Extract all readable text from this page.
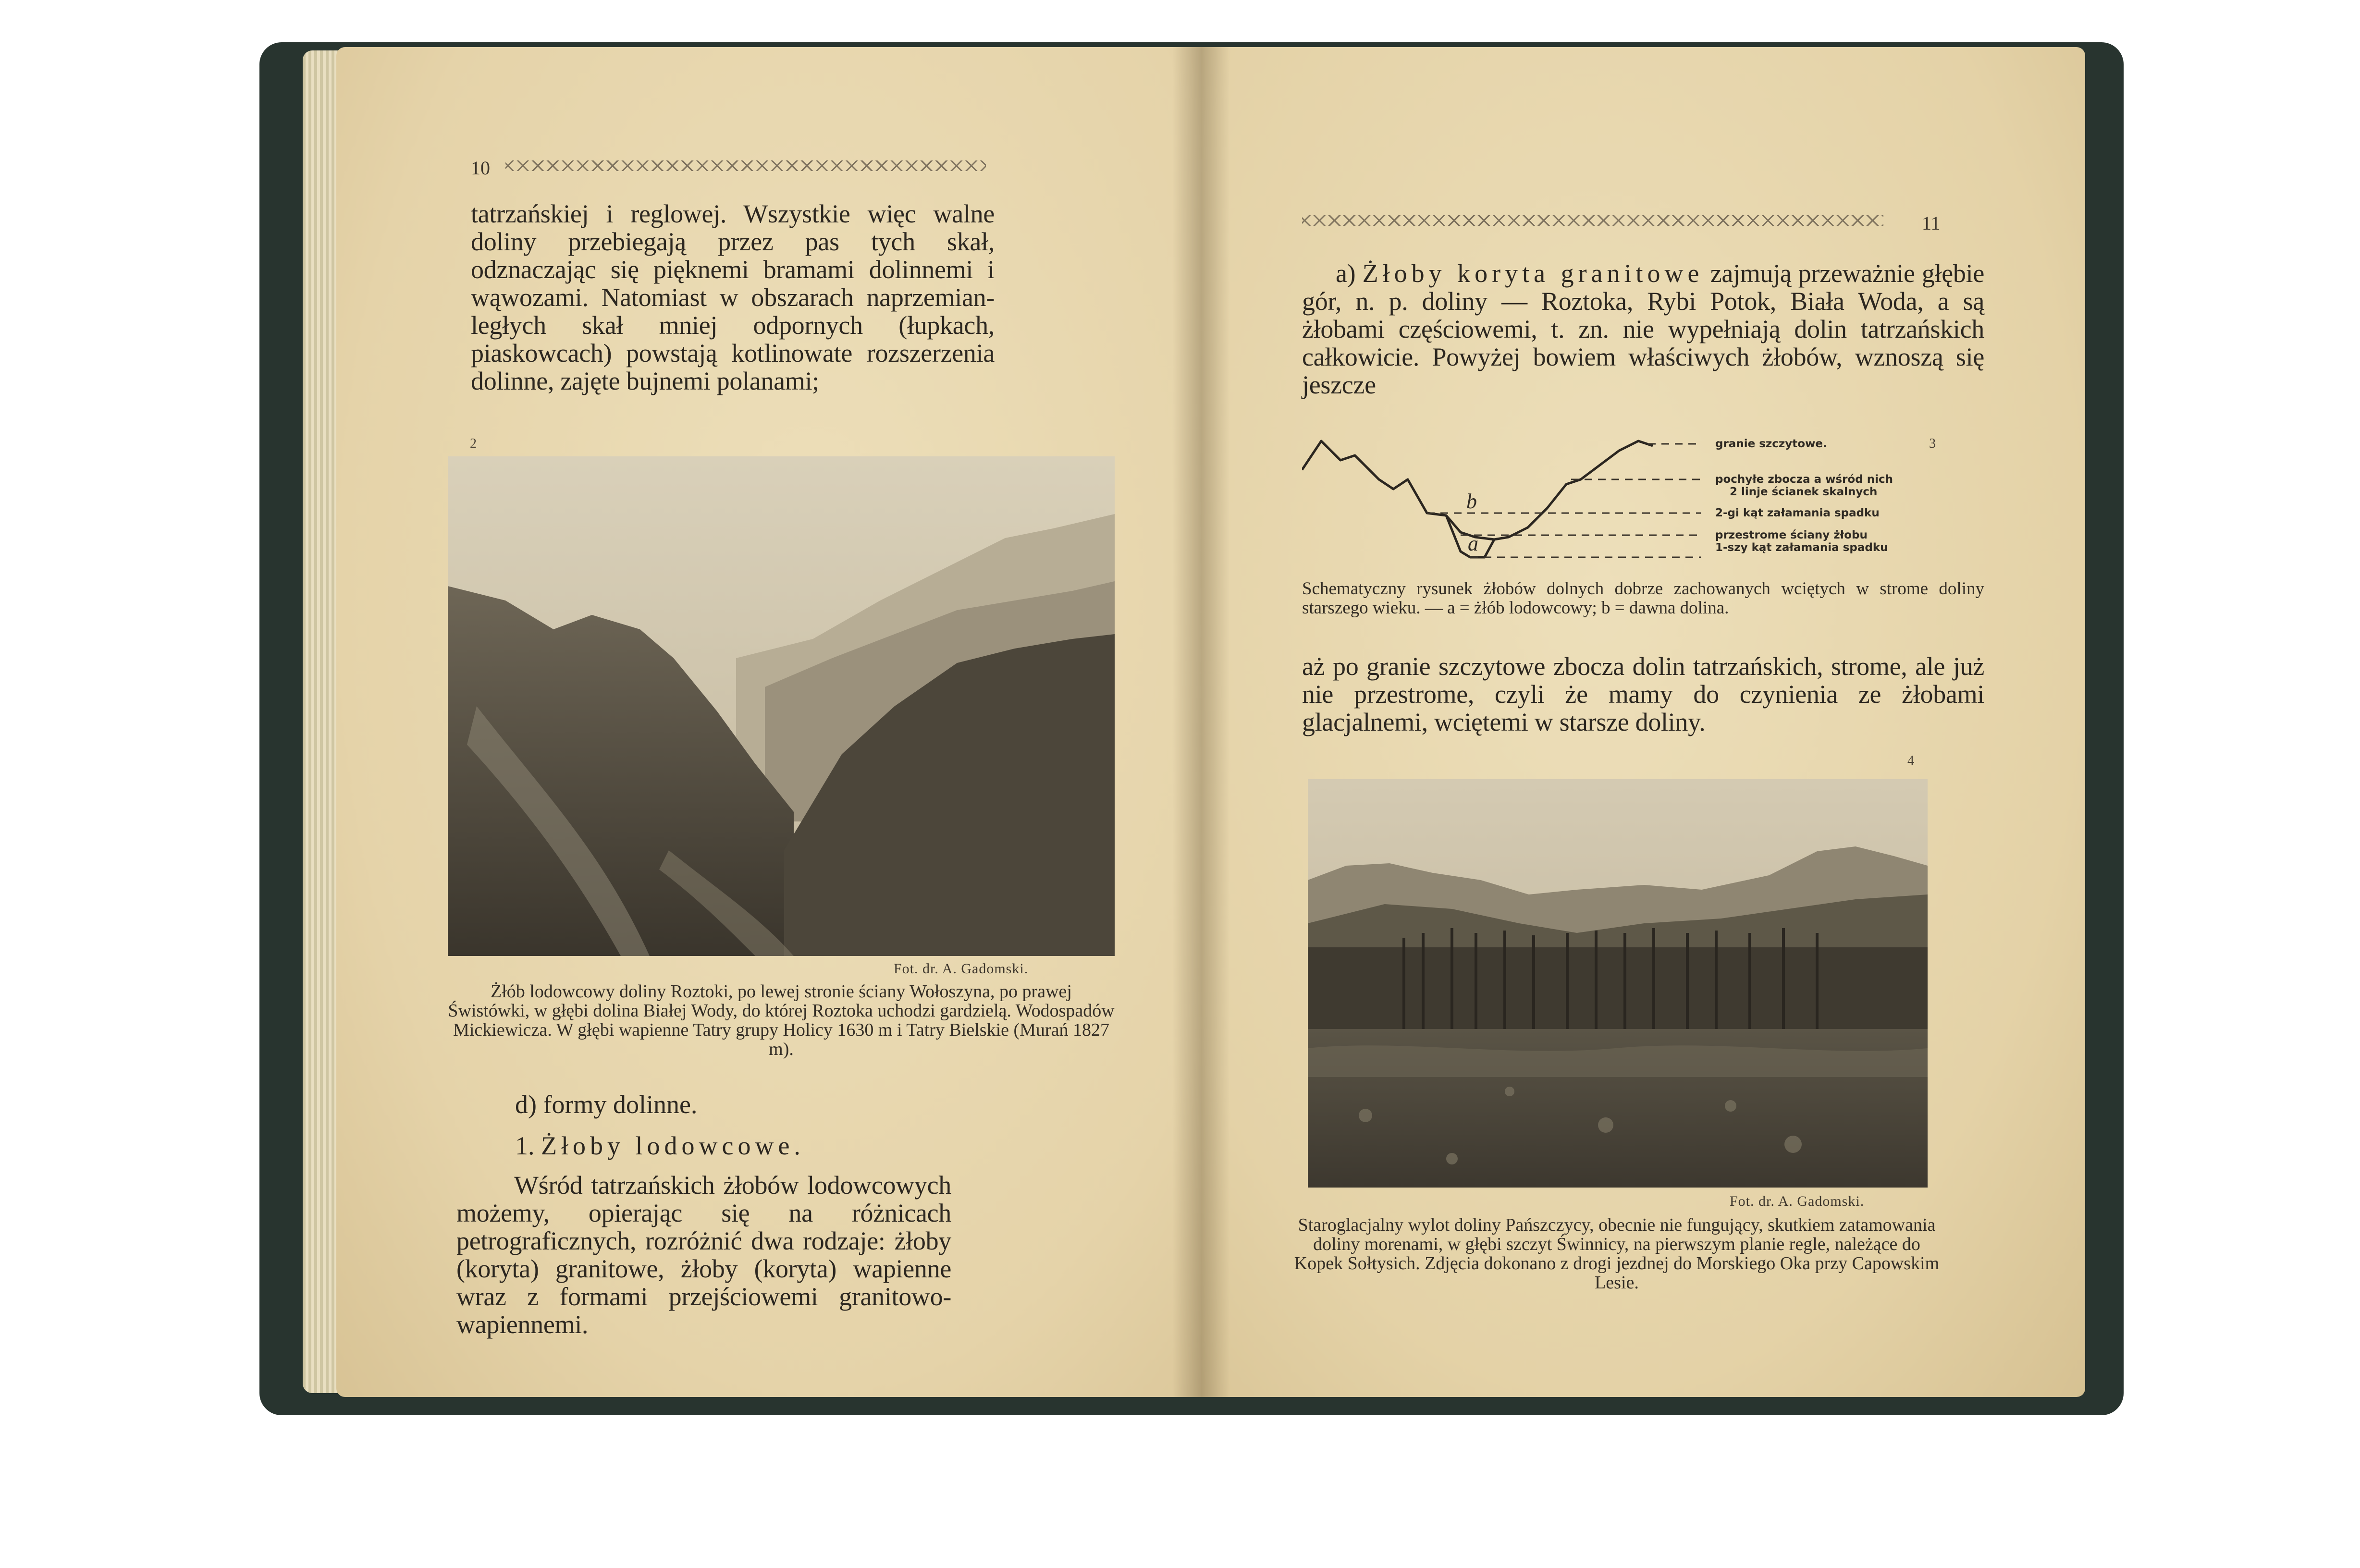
10
tatrzańskiej i reglowej. Wszystkie więc walne doliny przebiegają przez pas tych skał, odznaczając się pięknemi bramami dolinnemi i wąwozami. Natomiast w obszarach naprzemian-ległych skał mniej odpornych (łupkach, piaskowcach) powstają kotlinowate rozszerzenia dolinne, zajęte bujnemi polanami;
2
Fot. dr. A. Gadomski.
Żłób lodowcowy doliny Roztoki, po lewej stronie ściany Wołoszyna, po prawej Świstówki, w głębi dolina Białej Wody, do której Roztoka uchodzi gardzielą. Wodospadów Mickiewicza. W głębi wapienne Tatry grupy Holicy 1630 m i Tatry Bielskie (Murań 1827 m).
d) formy dolinne.
1. Żłoby lodowcowe.
Wśród tatrzańskich żłobów lodowcowych możemy, opierając się na różnicach petrograficznych, rozróżnić dwa rodzaje: żłoby (koryta) granitowe, żłoby (koryta) wapienne wraz z formami przejściowemi granitowo-wapiennemi.
11
a) Żłoby koryta granitowe zajmują przeważnie głębie gór, n. p. doliny — Roztoka, Rybi Potok, Biała Woda, a są żłobami częściowemi, t. zn. nie wypełniają dolin tatrzańskich całkowicie. Powyżej bowiem właściwych żłobów, wznoszą się jeszcze
b
a
granie szczytowe.	3
pochyłe zbocza a wśród nich
2 linje ścianek skalnych
2-gi kąt załamania spadku
przestrome ściany żłobu
1-szy kąt załamania spadku
Schematyczny rysunek żłobów dolnych dobrze zachowanych wciętych w strome doliny starszego wieku. — a = żłób lodowcowy; b = dawna dolina.
aż po granie szczytowe zbocza dolin tatrzańskich, strome, ale już nie przestrome, czyli że mamy do czynienia ze żłobami glacjalnemi, wciętemi w starsze doliny.
4
Fot. dr. A. Gadomski.
Staroglacjalny wylot doliny Pańszczycy, obecnie nie fungujący, skutkiem zatamowania doliny morenami, w głębi szczyt Świnnicy, na pierwszym planie regle, należące do Kopek Sołtysich. Zdjęcia dokonano z drogi jezdnej do Morskiego Oka przy Capowskim Lesie.
